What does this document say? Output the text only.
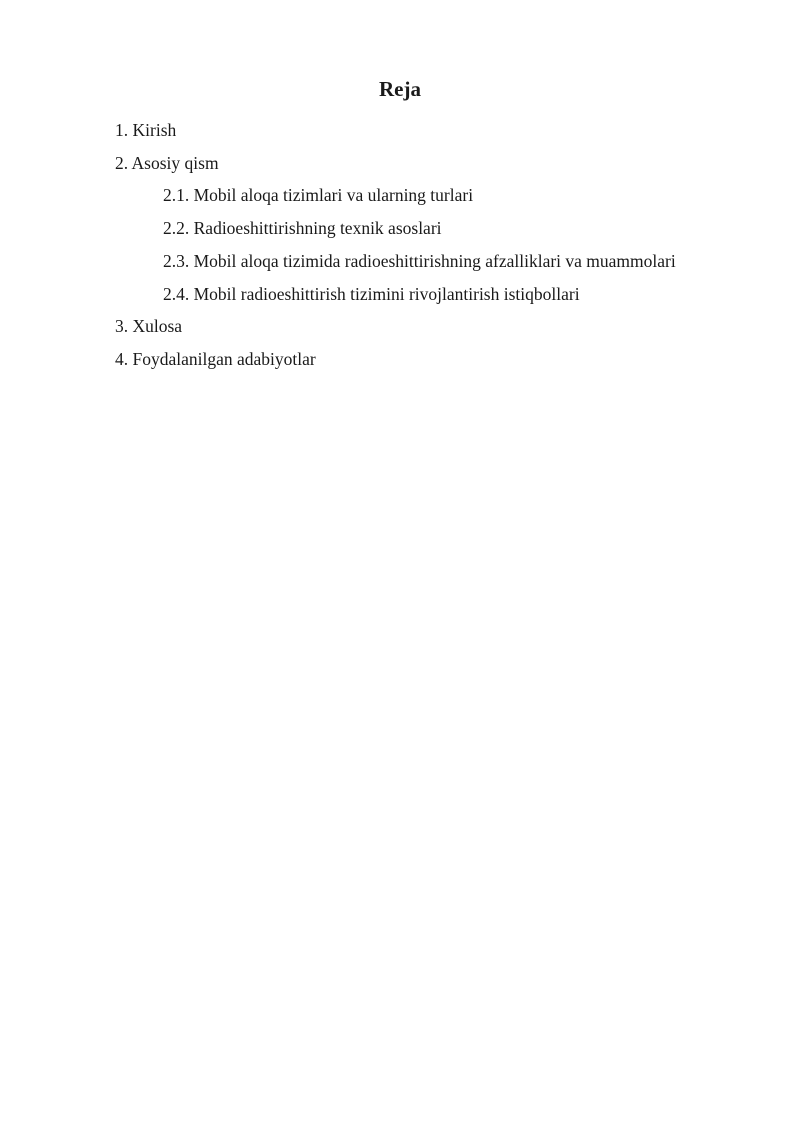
Reja
1. Kirish
2. Asosiy qism
2.1. Mobil aloqa tizimlari va ularning turlari
2.2. Radioeshittirishning texnik asoslari
2.3. Mobil aloqa tizimida radioeshittirishning afzalliklari va muammolari
2.4. Mobil radioeshittirish tizimini rivojlantirish istiqbollari
3. Xulosa
4. Foydalanilgan adabiyotlar
